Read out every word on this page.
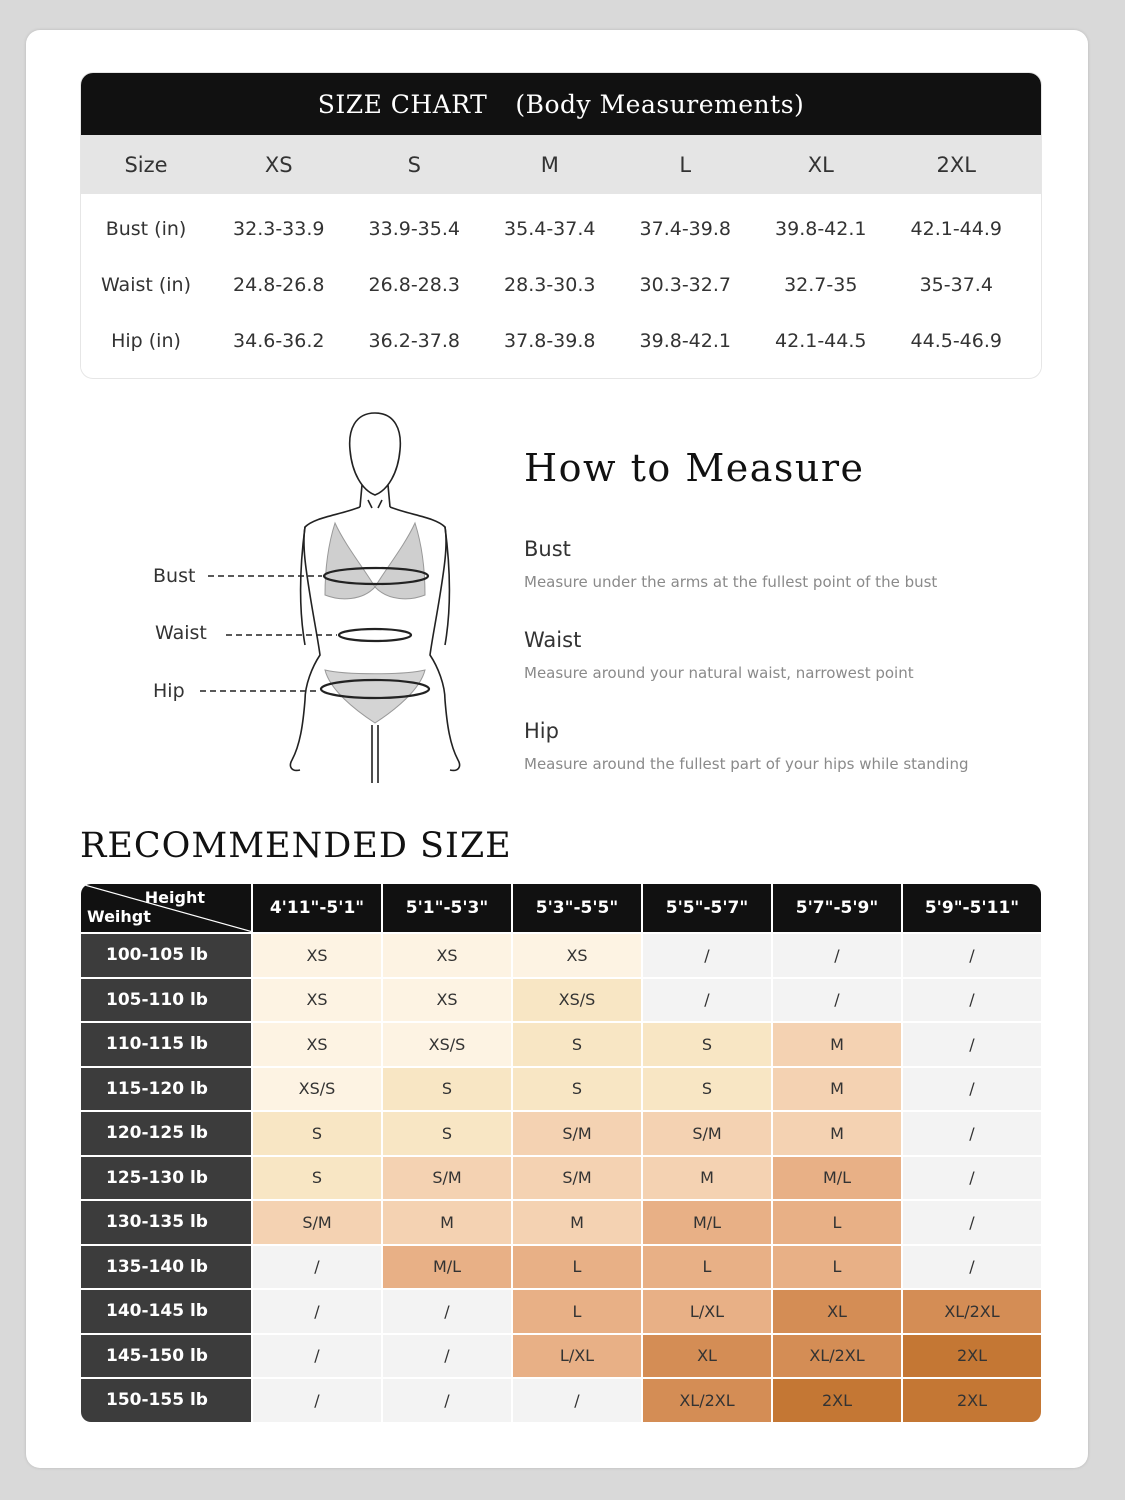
SIZE CHART (Body Measurements)
Size	XS	S	M	L	XL	2XL
Bust (in)	32.3-33.9	33.9-35.4	35.4-37.4	37.4-39.8	39.8-42.1	42.1-44.9
Waist (in)	24.8-26.8	26.8-28.3	28.3-30.3	30.3-32.7	32.7-35	35-37.4
Hip (in)	34.6-36.2	36.2-37.8	37.8-39.8	39.8-42.1	42.1-44.5	44.5-46.9
Bust
Waist
Hip
How to Measure
Bust
Measure under the arms at the fullest point of the bust
Waist
Measure around your natural waist, narrowest point
Hip
Measure around the fullest part of your hips while standing
RECOMMENDED SIZE
Height
Weihgt	4'11"-5'1"	5'1"-5'3"	5'3"-5'5"	5'5"-5'7"	5'7"-5'9"	5'9"-5'11"
100-105 lb	XS	XS	XS	/	/	/
105-110 lb	XS	XS	XS/S	/	/	/
110-115 lb	XS	XS/S	S	S	M	/
115-120 lb	XS/S	S	S	S	M	/
120-125 lb	S	S	S/M	S/M	M	/
125-130 lb	S	S/M	S/M	M	M/L	/
130-135 lb	S/M	M	M	M/L	L	/
135-140 lb	/	M/L	L	L	L	/
140-145 lb	/	/	L	L/XL	XL	XL/2XL
145-150 lb	/	/	L/XL	XL	XL/2XL	2XL
150-155 lb	/	/	/	XL/2XL	2XL	2XL
